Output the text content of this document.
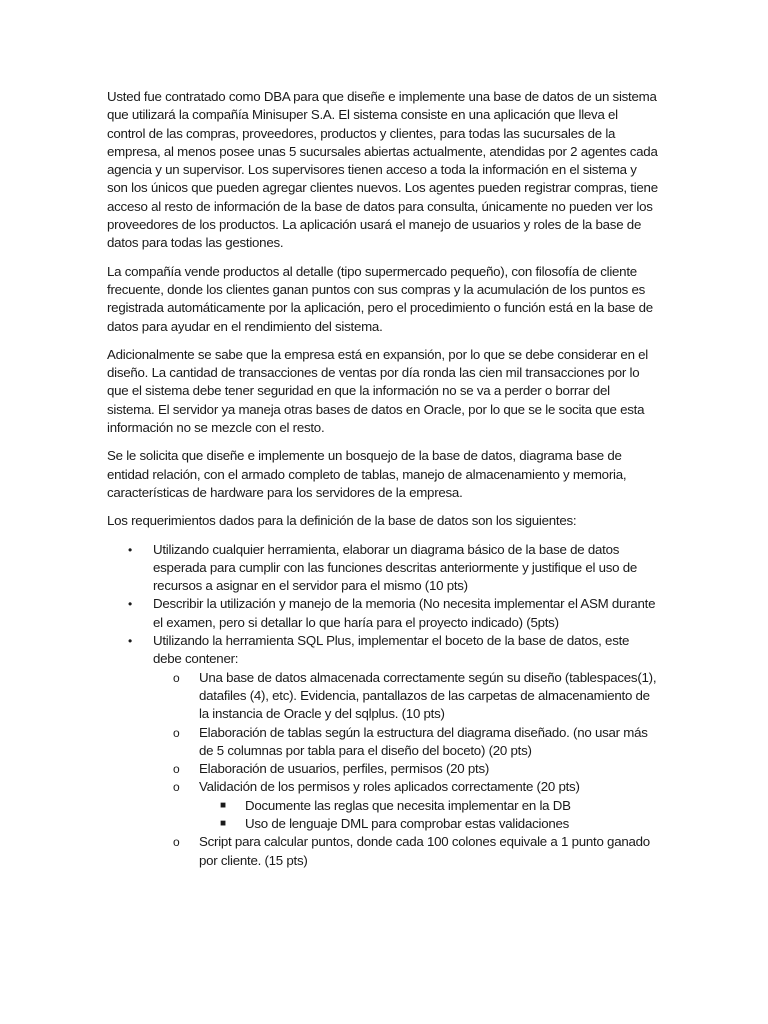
Usted fue contratado como DBA para que diseñe e implemente una base de datos de un sistema que utilizará la compañía Minisuper S.A. El sistema consiste en una aplicación que lleva el control de las compras, proveedores, productos y clientes, para todas las sucursales de la empresa, al menos posee unas 5 sucursales abiertas actualmente, atendidas por 2 agentes cada agencia y un supervisor. Los supervisores tienen acceso a toda la información en el sistema y son los únicos que pueden agregar clientes nuevos. Los agentes pueden registrar compras, tiene acceso al resto de información de la base de datos para consulta, únicamente no pueden ver los proveedores de los productos. La aplicación usará el manejo de usuarios y roles de la base de datos para todas las gestiones.

La compañía vende productos al detalle (tipo supermercado pequeño), con filosofía de cliente frecuente, donde los clientes ganan puntos con sus compras y la acumulación de los puntos es registrada automáticamente por la aplicación, pero el procedimiento o función está en la base de datos para ayudar en el rendimiento del sistema.

Adicionalmente se sabe que la empresa está en expansión, por lo que se debe considerar en el diseño. La cantidad de transacciones de ventas por día ronda las cien mil transacciones por lo que el sistema debe tener seguridad en que la información no se va a perder o borrar del sistema. El servidor ya maneja otras bases de datos en Oracle, por lo que se le socita que esta información no se mezcle con el resto.

Se le solicita que diseñe e implemente un bosquejo de la base de datos, diagrama base de entidad relación, con el armado completo de tablas, manejo de almacenamiento y memoria, características de hardware para los servidores de la empresa.

Los requerimientos dados para la definición de la base de datos son los siguientes:

• Utilizando cualquier herramienta, elaborar un diagrama básico de la base de datos esperada para cumplir con las funciones descritas anteriormente y justifique el uso de recursos a asignar en el servidor para el mismo (10 pts)
• Describir la utilización y manejo de la memoria (No necesita implementar el ASM durante el examen, pero si detallar lo que haría para el proyecto indicado) (5pts)
• Utilizando la herramienta SQL Plus, implementar el boceto de la base de datos, este debe contener:
o Una base de datos almacenada correctamente según su diseño (tablespaces(1), datafiles (4), etc). Evidencia, pantallazos de las carpetas de almacenamiento de la instancia de Oracle y del sqlplus. (10 pts)
o Elaboración de tablas según la estructura del diagrama diseñado. (no usar más de 5 columnas por tabla para el diseño del boceto) (20 pts)
o Elaboración de usuarios, perfiles, permisos (20 pts)
o Validación de los permisos y roles aplicados correctamente (20 pts)
■ Documente las reglas que necesita implementar en la DB
■ Uso de lenguaje DML para comprobar estas validaciones
o Script para calcular puntos, donde cada 100 colones equivale a 1 punto ganado por cliente. (15 pts)
